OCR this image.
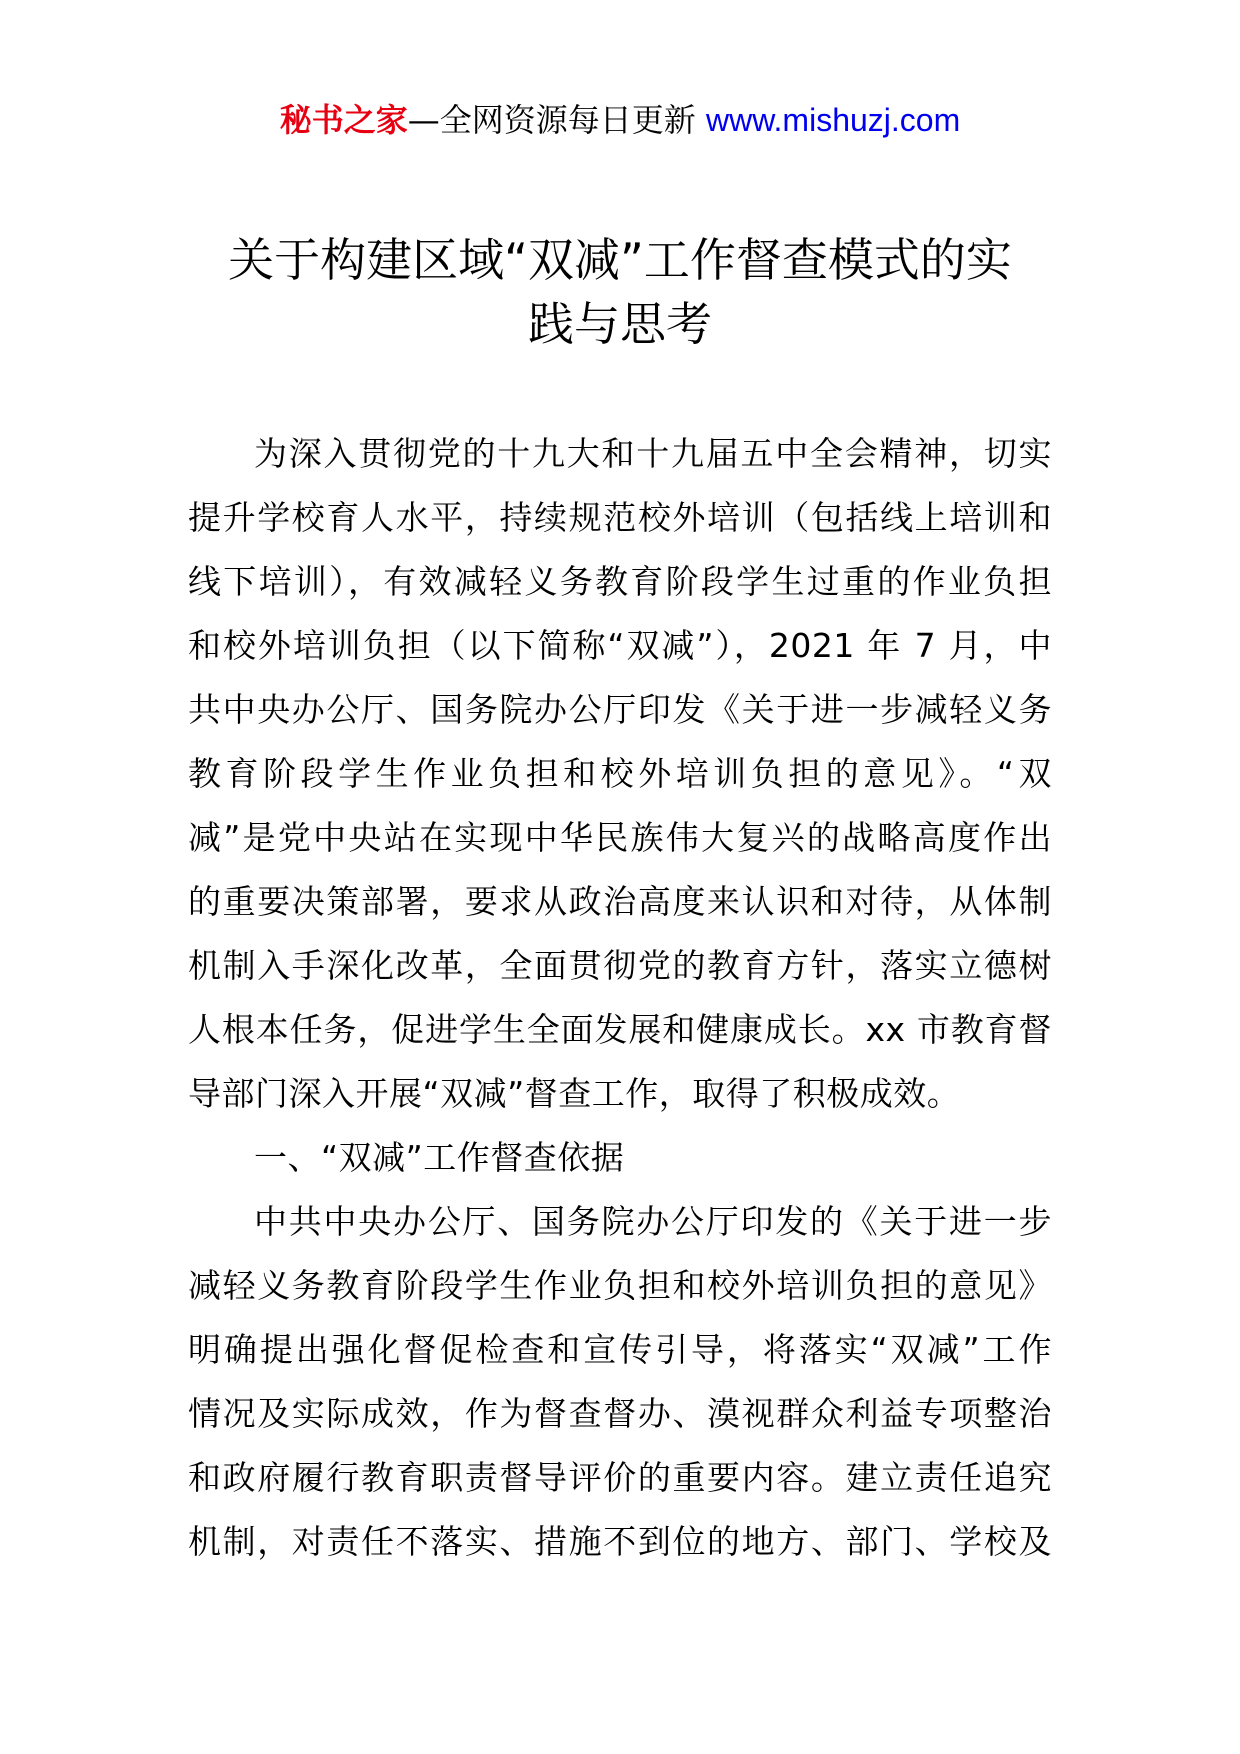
秘书之家—全网资源每日更新 www.mishuzj.com
关于构建区域“双减”工作督查模式的实
践与思考
为深入贯彻党的十九大和十九届五中全会精神，切实
提升学校育人水平，持续规范校外培训（包括线上培训和
线下培训），有效减轻义务教育阶段学生过重的作业负担
和校外培训负担（以下简称“双减”），2021 年 7 月，中
共中央办公厅、国务院办公厅印发《关于进一步减轻义务
教育阶段学生作业负担和校外培训负担的意见》。“双
减”是党中央站在实现中华民族伟大复兴的战略高度作出
的重要决策部署，要求从政治高度来认识和对待，从体制
机制入手深化改革，全面贯彻党的教育方针，落实立德树
人根本任务，促进学生全面发展和健康成长。xx 市教育督
导部门深入开展“双减”督查工作，取得了积极成效。
一、“双减”工作督查依据
中共中央办公厅、国务院办公厅印发的《关于进一步
减轻义务教育阶段学生作业负担和校外培训负担的意见》
明确提出强化督促检查和宣传引导，将落实“双减”工作
情况及实际成效，作为督查督办、漠视群众利益专项整治
和政府履行教育职责督导评价的重要内容。建立责任追究
机制，对责任不落实、措施不到位的地方、部门、学校及
